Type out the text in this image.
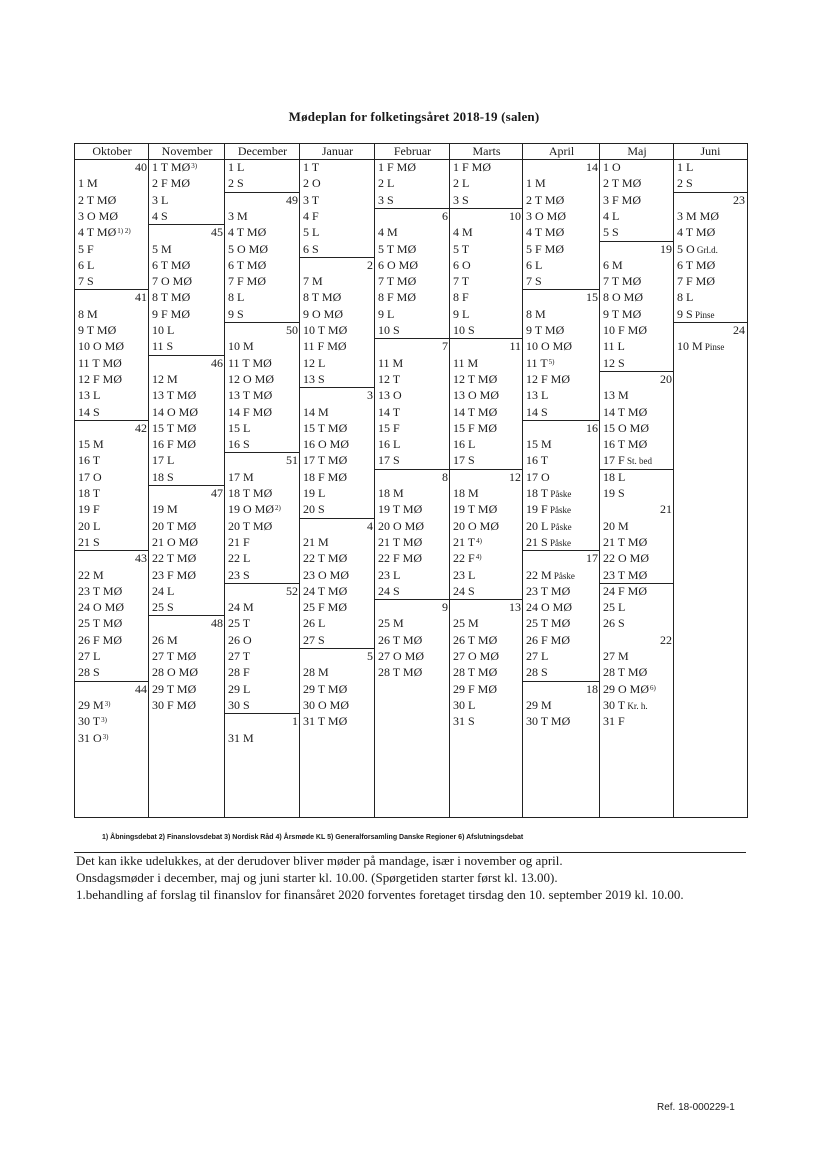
Mødeplan for folketingsåret 2018-19 (salen)
Oktober
40
1 M
2 T MØ
3 O MØ
4 T $MØ^{1) 2)}$
5 F
6 L
7 S
41
8 M
9 T MØ
10 O MØ
11 T MØ
12 F MØ
13 L
14 S
42
15 M
16 T
17 O
18 T
19 F
20 L
21 S
43
22 M
23 T MØ
24 O MØ
25 T MØ
26 F MØ
27 L
28 S
44
29 $M^{3)}$
30 $T^{3)}$
31 $O^{3)}$
November
1 T MØ$^{3)}$
2 F MØ
3 L
4 S
45
5 M
6 T MØ
7 O MØ
8 T MØ
9 F MØ
10 L
11 S
46
12 M
13 T MØ
14 O MØ
15 T MØ
16 F MØ
17 L
18 S
47
19 M
20 T MØ
21 O MØ
22 T MØ
23 F MØ
24 L
25 S
48
26 M
27 T MØ
28 O MØ
29 T MØ
30 F MØ
December
1 L
2 S
49
3 M
4 T MØ
5 O MØ
6 T MØ
7 F MØ
8 L
9 S
50
10 M
11 T MØ
12 O MØ
13 T MØ
14 F MØ
15 L
16 S
51
17 M
18 T MØ
19 O MØ$^{2)}$
20 T MØ
21 F
22 L
23 S
52
24 M
25 T
26 O
27 T
28 F
29 L
30 S
1
31 M
Januar
1 T
2 O
3 T
4 F
5 L
6 S
2
7 M
8 T MØ
9 O MØ
10 T MØ
11 F MØ
12 L
13 S
3
14 M
15 T MØ
16 O MØ
17 T MØ
18 F MØ
19 L
20 S
4
21 M
22 T MØ
23 O MØ
24 T MØ
25 F MØ
26 L
27 S
5
28 M
29 T MØ
30 O MØ
31 T MØ
Februar
1 F MØ
2 L
3 S
6
4 M
5 T MØ
6 O MØ
7 T MØ
8 F MØ
9 L
10 S
7
11 M
12 T
13 O
14 T
15 F
16 L
17 S
8
18 M
19 T MØ
20 O MØ
21 T MØ
22 F MØ
23 L
24 S
9
25 M
26 T MØ
27 O MØ
28 T MØ
Marts
1 F MØ
2 L
3 S
10
4 M
5 T
6 O
7 T
8 F
9 L
10 S
11
11 M
12 T MØ
13 O MØ
14 T MØ
15 F MØ
16 L
17 S
12
18 M
19 T MØ
20 O MØ
21 $T^{4)}$
22 $F^{4)}$
23 L
24 S
13
25 M
26 T MØ
27 O MØ
28 T MØ
29 F MØ
30 L
31 S
April
14
1 M
2 T MØ
3 O MØ
4 T MØ
5 F MØ
6 L
7 S
15
8 M
9 T MØ
10 O MØ
11 $T^{5)}$
12 F MØ
13 L
14 S
16
15 M
16 T
17 O
18 T Påske
19 F Påske
20 L Påske
21 S Påske
17
22 M Påske
23 T MØ
24 O MØ
25 T MØ
26 F MØ
27 L
28 S
18
29 M
30 T MØ
Maj
1 O
2 T MØ
3 F MØ
4 L
5 S
19
6 M
7 T MØ
8 O MØ
9 T MØ
10 F MØ
11 L
12 S
20
13 M
14 T MØ
15 O MØ
16 T MØ
17 F St. bed
18 L
19 S
21
20 M
21 T MØ
22 O MØ
23 T MØ
24 F MØ
25 L
26 S
22
27 M
28 T MØ
29 O MØ$^{6)}$
30 T Kr. h.
31 F
Juni
1 L
2 S
23
3 M MØ
4 T MØ
5 O Grl.d.
6 T MØ
7 F MØ
8 L
9 S Pinse
24
10 M Pinse
1) Åbningsdebat 2) Finanslovsdebat 3) Nordisk Råd 4) Årsmøde KL 5) Generalforsamling Danske Regioner 6) Afslutningsdebat
Det kan ikke udelukkes, at der derudover bliver møder på mandage, især i november og april.
Onsdagsmøder i december, maj og juni starter kl. 10.00. (Spørgetiden starter først kl. 13.00).
1.behandling af forslag til finanslov for finansåret 2020 forventes foretaget tirsdag den 10. september 2019 kl. 10.00.
Ref. 18-000229-1
